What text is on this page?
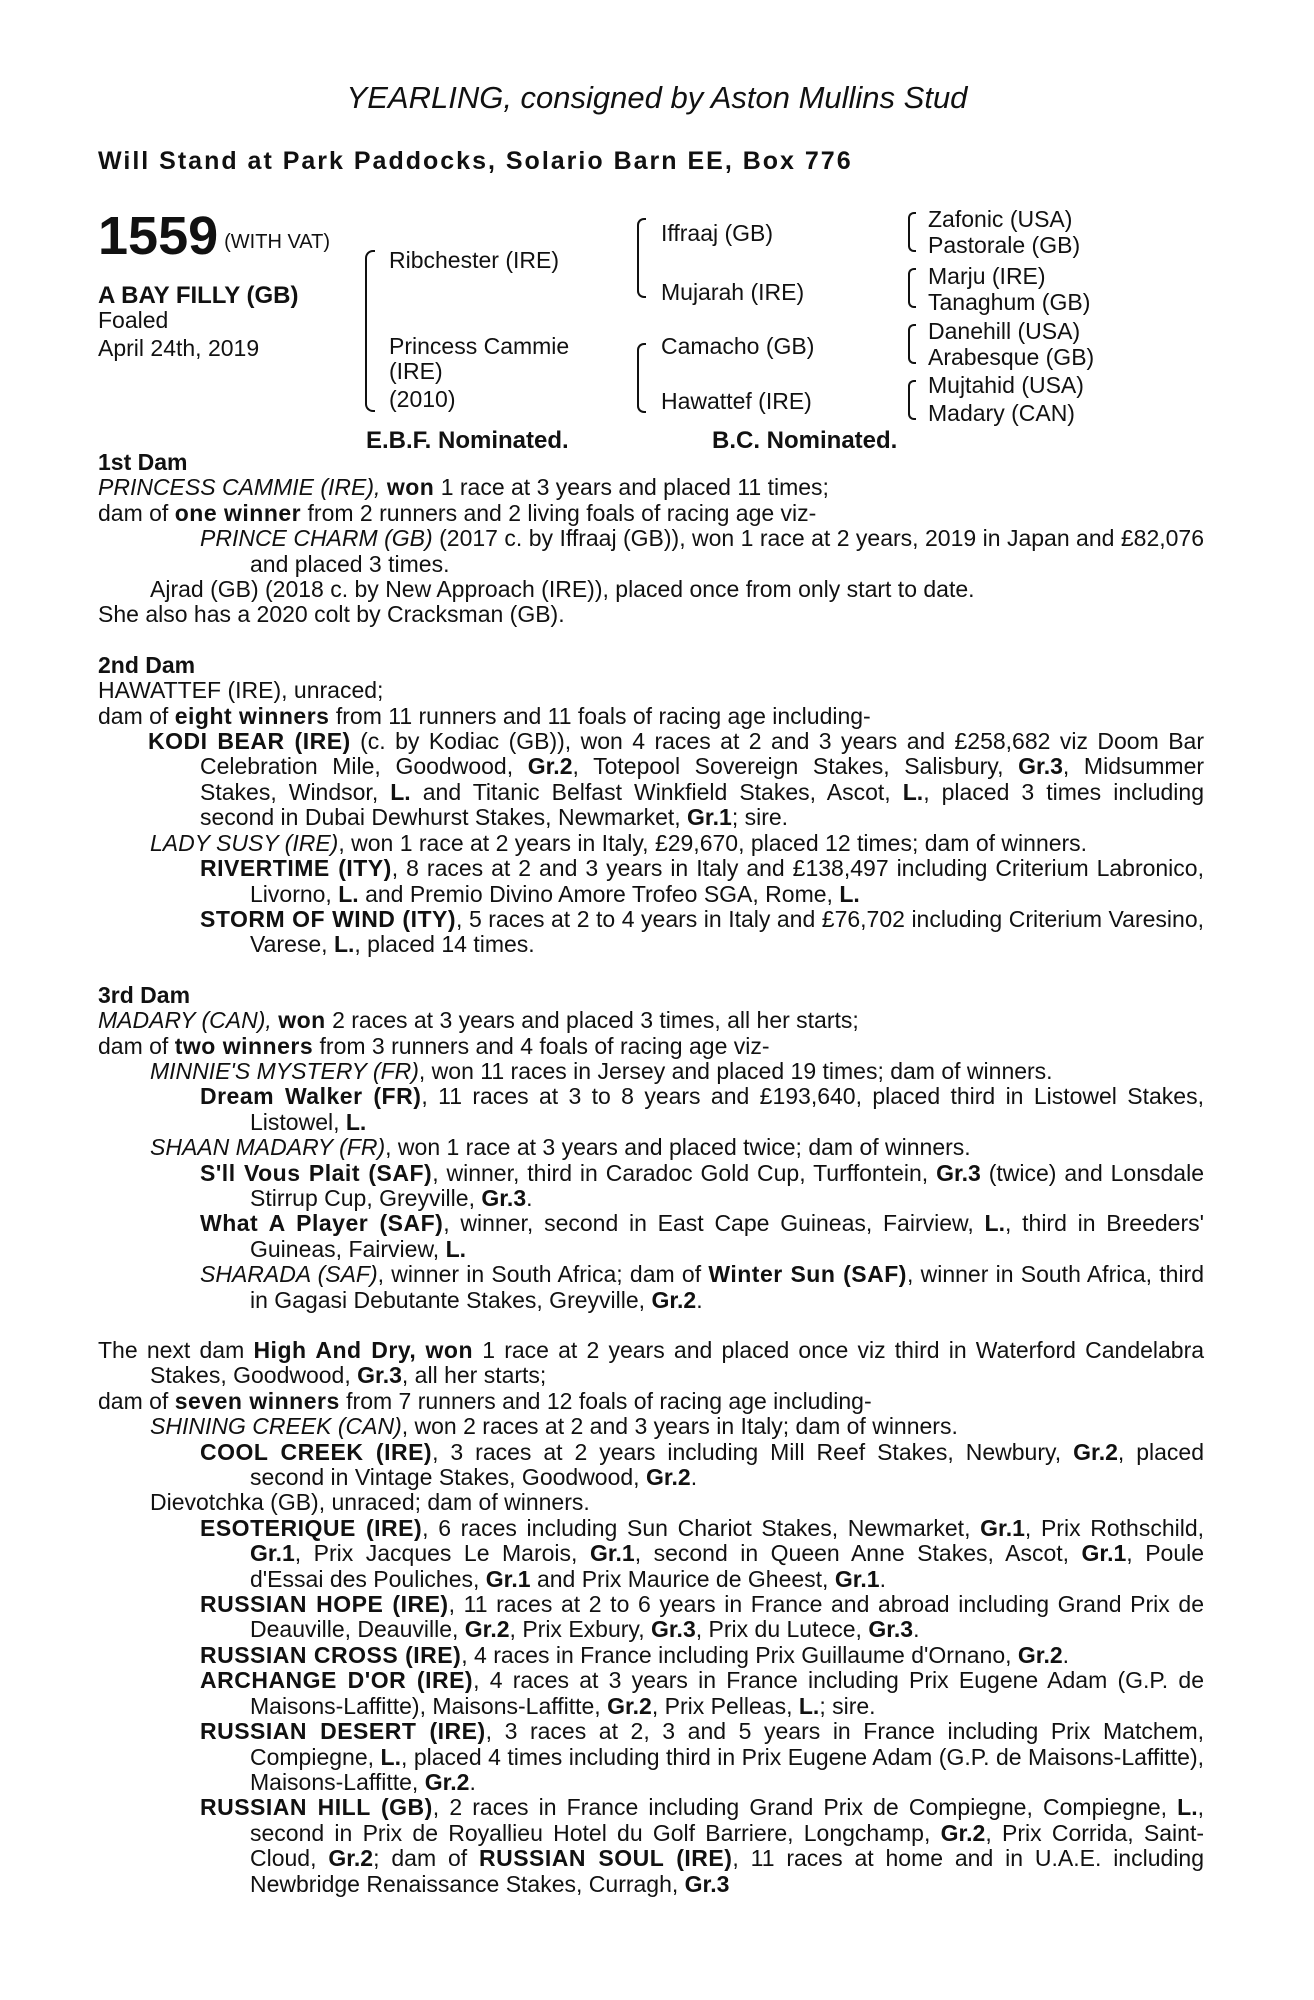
YEARLING, consigned by Aston Mullins Stud
Will Stand at Park Paddocks, Solario Barn EE, Box 776
1559 (WITH VAT)
A BAY FILLY (GB)
Foaled
April 24th, 2019
Ribchester (IRE)
Princess Cammie
(IRE)
(2010)
Iffraaj (GB)
Mujarah (IRE)
Camacho (GB)
Hawattef (IRE)
Zafonic (USA)
Pastorale (GB)
Marju (IRE)
Tanaghum (GB)
Danehill (USA)
Arabesque (GB)
Mujtahid (USA)
Madary (CAN)
E.B.F. Nominated.	B.C. Nominated.

1st Dam

PRINCESS CAMMIE (IRE), won 1 race at 3 years and placed 11 times;

dam of one winner from 2 runners and 2 living foals of racing age viz-

PRINCE CHARM (GB) (2017 c. by Iffraaj (GB)), won 1 race at 2 years, 2019 in Japan and £82,076 and placed 3 times.

Ajrad (GB) (2018 c. by New Approach (IRE)), placed once from only start to date.

She also has a 2020 colt by Cracksman (GB).

2nd Dam

HAWATTEF (IRE), unraced;

dam of eight winners from 11 runners and 11 foals of racing age including-

KODI BEAR (IRE) (c. by Kodiac (GB)), won 4 races at 2 and 3 years and £258,682 viz Doom Bar Celebration Mile, Goodwood, Gr.2, Totepool Sovereign Stakes, Salisbury, Gr.3, Midsummer Stakes, Windsor, L. and Titanic Belfast Winkfield Stakes, Ascot, L., placed 3 times including second in Dubai Dewhurst Stakes, Newmarket, Gr.1; sire.

LADY SUSY (IRE), won 1 race at 2 years in Italy, £29,670, placed 12 times; dam of winners.

RIVERTIME (ITY), 8 races at 2 and 3 years in Italy and £138,497 including Criterium Labronico, Livorno, L. and Premio Divino Amore Trofeo SGA, Rome, L.

STORM OF WIND (ITY), 5 races at 2 to 4 years in Italy and £76,702 including Criterium Varesino, Varese, L., placed 14 times.

3rd Dam

MADARY (CAN), won 2 races at 3 years and placed 3 times, all her starts;

dam of two winners from 3 runners and 4 foals of racing age viz-

MINNIE'S MYSTERY (FR), won 11 races in Jersey and placed 19 times; dam of winners.

Dream Walker (FR), 11 races at 3 to 8 years and £193,640, placed third in Listowel Stakes, Listowel, L.

SHAAN MADARY (FR), won 1 race at 3 years and placed twice; dam of winners.

S'll Vous Plait (SAF), winner, third in Caradoc Gold Cup, Turffontein, Gr.3 (twice) and Lonsdale Stirrup Cup, Greyville, Gr.3.

What A Player (SAF), winner, second in East Cape Guineas, Fairview, L., third in Breeders' Guineas, Fairview, L.

SHARADA (SAF), winner in South Africa; dam of Winter Sun (SAF), winner in South Africa, third in Gagasi Debutante Stakes, Greyville, Gr.2.

The next dam High And Dry, won 1 race at 2 years and placed once viz third in Waterford Candelabra Stakes, Goodwood, Gr.3, all her starts;

dam of seven winners from 7 runners and 12 foals of racing age including-

SHINING CREEK (CAN), won 2 races at 2 and 3 years in Italy; dam of winners.

COOL CREEK (IRE), 3 races at 2 years including Mill Reef Stakes, Newbury, Gr.2, placed second in Vintage Stakes, Goodwood, Gr.2.

Dievotchka (GB), unraced; dam of winners.

ESOTERIQUE (IRE), 6 races including Sun Chariot Stakes, Newmarket, Gr.1, Prix Rothschild, Gr.1, Prix Jacques Le Marois, Gr.1, second in Queen Anne Stakes, Ascot, Gr.1, Poule d'Essai des Pouliches, Gr.1 and Prix Maurice de Gheest, Gr.1.

RUSSIAN HOPE (IRE), 11 races at 2 to 6 years in France and abroad including Grand Prix de Deauville, Deauville, Gr.2, Prix Exbury, Gr.3, Prix du Lutece, Gr.3.

RUSSIAN CROSS (IRE), 4 races in France including Prix Guillaume d'Ornano, Gr.2.

ARCHANGE D'OR (IRE), 4 races at 3 years in France including Prix Eugene Adam (G.P. de Maisons-Laffitte), Maisons-Laffitte, Gr.2, Prix Pelleas, L.; sire.

RUSSIAN DESERT (IRE), 3 races at 2, 3 and 5 years in France including Prix Matchem, Compiegne, L., placed 4 times including third in Prix Eugene Adam (G.P. de Maisons-Laffitte), Maisons-Laffitte, Gr.2.

RUSSIAN HILL (GB), 2 races in France including Grand Prix de Compiegne, Compiegne, L., second in Prix de Royallieu Hotel du Golf Barriere, Longchamp, Gr.2, Prix Corrida, Saint-Cloud, Gr.2; dam of RUSSIAN SOUL (IRE), 11 races at home and in U.A.E. including Newbridge Renaissance Stakes, Curragh, Gr.3
